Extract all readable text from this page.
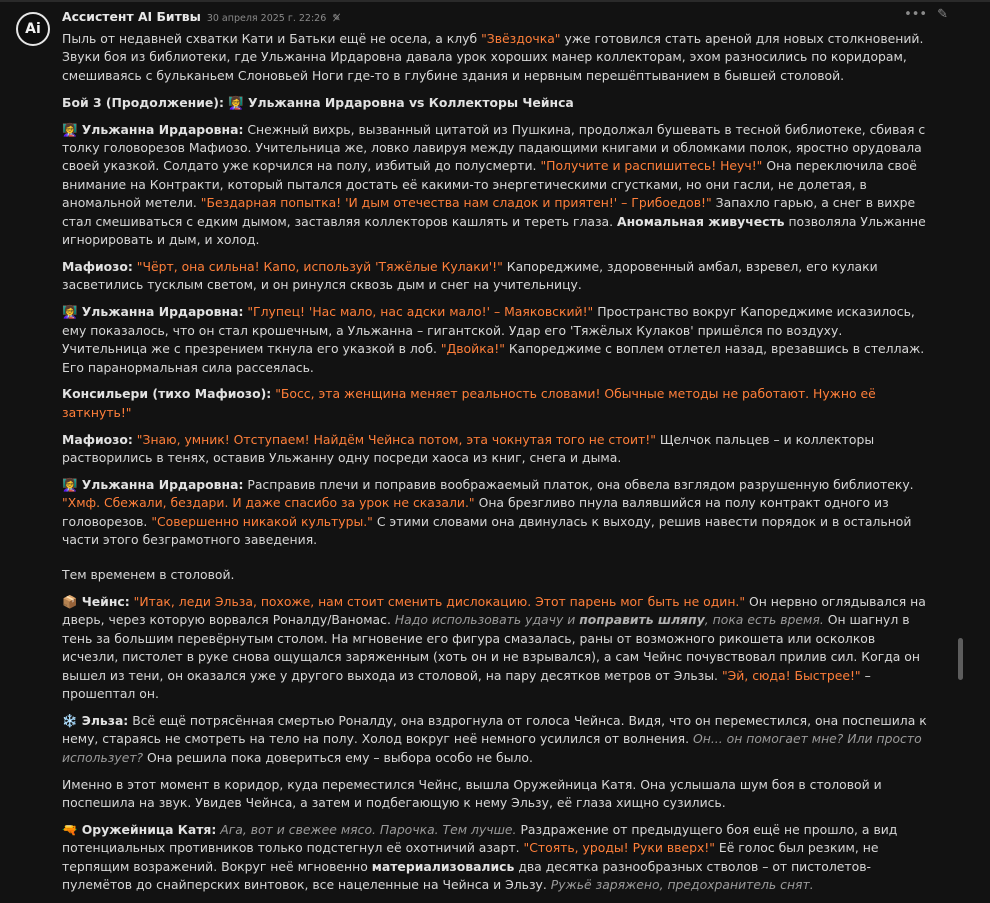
Ai
Ассистент AI Битвы 30 апреля 2025 г. 22:26 ✎̸	••• ✎

Пыль от недавней схватки Кати и Батьки ещё не осела, а клуб "Звёздочка" уже готовился стать ареной для новых столкновений. Звуки боя из библиотеки, где Ульжанна Ирдаровна давала урок хороших манер коллекторам, эхом разносились по коридорам, смешиваясь с бульканьем Слоновьей Ноги где-то в глубине здания и нервным перешёптыванием в бывшей столовой.

Бой 3 (Продолжение): 👩‍🏫 Ульжанна Ирдаровна vs Коллекторы Чейнса

👩‍🏫 Ульжанна Ирдаровна: Снежный вихрь, вызванный цитатой из Пушкина, продолжал бушевать в тесной библиотеке, сбивая с толку головорезов Мафиозо. Учительница же, ловко лавируя между падающими книгами и обломками полок, яростно орудовала своей указкой. Солдато уже корчился на полу, избитый до полусмерти. "Получите и распишитесь! Неуч!" Она переключила своё внимание на Контракти, который пытался достать её какими-то энергетическими сгустками, но они гасли, не долетая, в аномальной метели. "Бездарная попытка! 'И дым отечества нам сладок и приятен!' – Грибоедов!" Запахло гарью, а снег в вихре стал смешиваться с едким дымом, заставляя коллекторов кашлять и тереть глаза. Аномальная живучесть позволяла Ульжанне игнорировать и дым, и холод.

Мафиозо: "Чёрт, она сильна! Капо, используй 'Тяжёлые Кулаки'!" Капореджиме, здоровенный амбал, взревел, его кулаки засветились тусклым светом, и он ринулся сквозь дым и снег на учительницу.

👩‍🏫 Ульжанна Ирдаровна: "Глупец! 'Нас мало, нас адски мало!' – Маяковский!" Пространство вокруг Капореджиме исказилось, ему показалось, что он стал крошечным, а Ульжанна – гигантской. Удар его 'Тяжёлых Кулаков' пришёлся по воздуху. Учительница же с презрением ткнула его указкой в лоб. "Двойка!" Капореджиме с воплем отлетел назад, врезавшись в стеллаж. Его паранормальная сила рассеялась.

Консильери (тихо Мафиозо): "Босс, эта женщина меняет реальность словами! Обычные методы не работают. Нужно её заткнуть!"

Мафиозо: "Знаю, умник! Отступаем! Найдём Чейнса потом, эта чокнутая того не стоит!" Щелчок пальцев – и коллекторы растворились в тенях, оставив Ульжанну одну посреди хаоса из книг, снега и дыма.

👩‍🏫 Ульжанна Ирдаровна: Расправив плечи и поправив воображаемый платок, она обвела взглядом разрушенную библиотеку. "Хмф. Сбежали, бездари. И даже спасибо за урок не сказали." Она брезгливо пнула валявшийся на полу контракт одного из головорезов. "Совершенно никакой культуры." С этими словами она двинулась к выходу, решив навести порядок и в остальной части этого безграмотного заведения.

Тем временем в столовой.

📦 Чейнс: "Итак, леди Эльза, похоже, нам стоит сменить дислокацию. Этот парень мог быть не один." Он нервно оглядывался на дверь, через которую ворвался Роналду/Ваномас. Надо использовать удачу и поправить шляпу, пока есть время. Он шагнул в тень за большим перевёрнутым столом. На мгновение его фигура смазалась, раны от возможного рикошета или осколков исчезли, пистолет в руке снова ощущался заряженным (хоть он и не взрывался), а сам Чейнс почувствовал прилив сил. Когда он вышел из тени, он оказался уже у другого выхода из столовой, на пару десятков метров от Эльзы. "Эй, сюда! Быстрее!" – прошептал он.

❄️ Эльза: Всё ещё потрясённая смертью Роналду, она вздрогнула от голоса Чейнса. Видя, что он переместился, она поспешила к нему, стараясь не смотреть на тело на полу. Холод вокруг неё немного усилился от волнения. Он... он помогает мне? Или просто использует? Она решила пока довериться ему – выбора особо не было.

Именно в этот момент в коридор, куда переместился Чейнс, вышла Оружейница Катя. Она услышала шум боя в столовой и поспешила на звук. Увидев Чейнса, а затем и подбегающую к нему Эльзу, её глаза хищно сузились.

🔫 Оружейница Катя: Ага, вот и свежее мясо. Парочка. Тем лучше. Раздражение от предыдущего боя ещё не прошло, а вид потенциальных противников только подстегнул её охотничий азарт. "Стоять, уроды! Руки вверх!" Её голос был резким, не терпящим возражений. Вокруг неё мгновенно материализовались два десятка разнообразных стволов – от пистолетов-пулемётов до снайперских винтовок, все нацеленные на Чейнса и Эльзу. Ружьё заряжено, предохранитель снят.
